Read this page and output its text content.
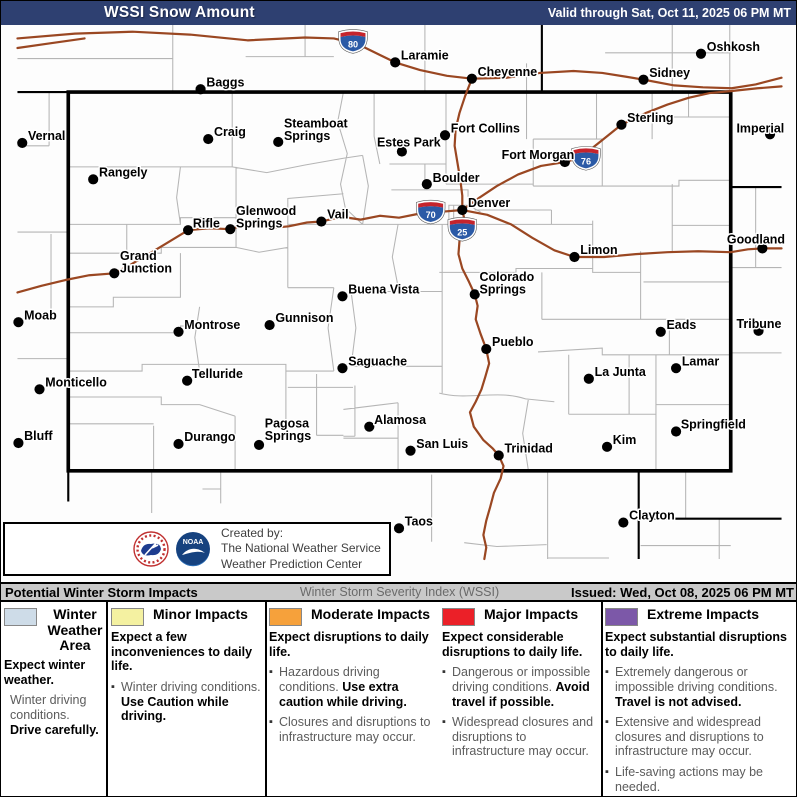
WSSI Snow Amount	Valid through Sat, Oct 11, 2025 06 PM MT
80
76
70
25
Baggs
Laramie
Cheyenne
Oshkosh
Sidney
Sterling
Imperial
Vernal	Craig
Steamboat
Springs	Estes Park
Fort Collins
Fort Morgan
Rangely	Boulder
Vail
Denver
Glenwood
Springs
Rifle
Goodland
Limon
Grand
Junction
Buena Vista
Colorado
Springs
Moab
Montrose	Gunnison	Eads	Tribune
Pueblo
Saguache	Lamar
La Junta
Telluride
Monticello
Alamosa
Bluff	Durango
Pagosa
Springs
San Luis	Trinidad
Kim
Springfield
Clayton
Taos
NOAA
Created by:
The National Weather Service
Weather Prediction Center
Potential Winter Storm Impacts	Winter Storm Severity Index (WSSI)	Issued: Wed, Oct 08, 2025 06 PM MT
Winter Weather Area
Expect winter weather.
Winter driving conditions. Drive carefully.
Minor Impacts
Expect a few inconveniences to daily life.
▪ Winter driving conditions. Use Caution while driving.
Moderate Impacts
Expect disruptions to daily life.
▪ Hazardous driving conditions. Use extra caution while driving.
▪ Closures and disruptions to infrastructure may occur.
Major Impacts
Expect considerable disruptions to daily life.
▪ Dangerous or impossible driving conditions. Avoid travel if possible.
▪ Widespread closures and disruptions to infrastructure may occur.
Extreme Impacts
Expect substantial disruptions to daily life.
▪ Extremely dangerous or impossible driving conditions. Travel is not advised.
▪ Extensive and widespread closures and disruptions to infrastructure may occur.
▪ Life-saving actions may be needed.
